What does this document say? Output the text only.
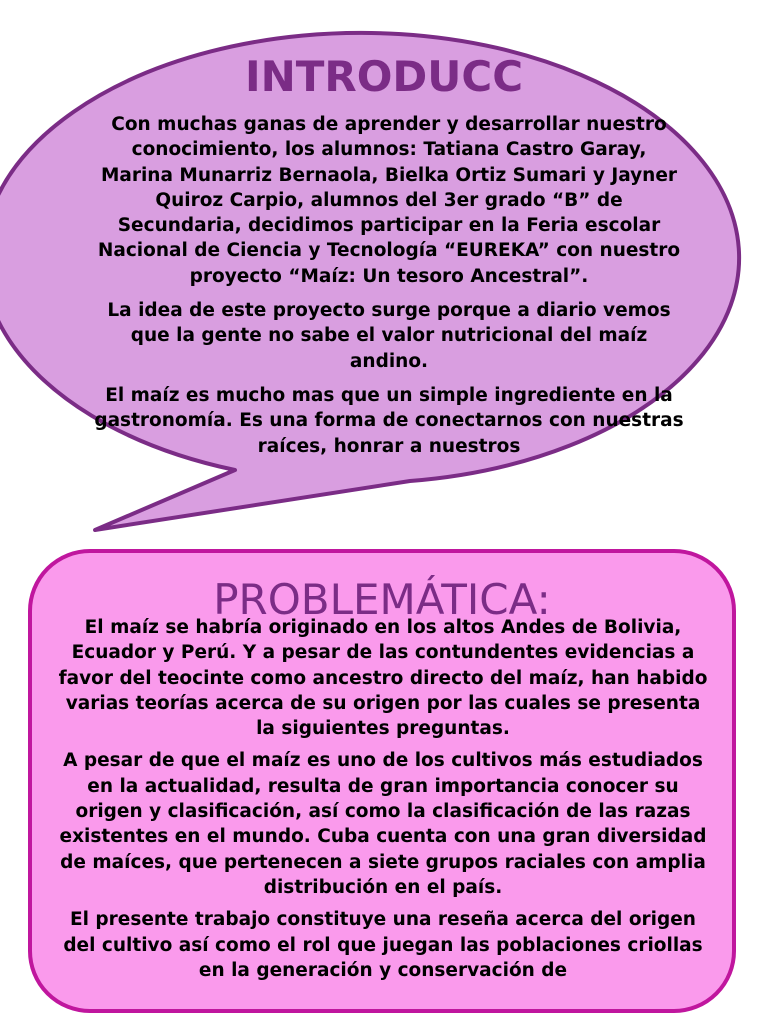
INTRODUCC

Con muchas ganas de aprender y desarrollar nuestro conocimiento, los alumnos: Tatiana Castro Garay, Marina Munarriz Bernaola, Bielka Ortiz Sumari y Jayner Quiroz Carpio, alumnos del 3er grado “B” de Secundaria, decidimos participar en la Feria escolar Nacional de Ciencia y Tecnología “EUREKA” con nuestro proyecto “Maíz: Un tesoro Ancestral”.

La idea de este proyecto surge porque a diario vemos que la gente no sabe el valor nutricional del maíz andino.

El maíz es mucho mas que un simple ingrediente en la gastronomía. Es una forma de conectarnos con nuestras raíces, honrar a nuestros

PROBLEMÁTICA:

El maíz se habría originado en los altos Andes de Bolivia, Ecuador y Perú. Y a pesar de las contundentes evidencias a favor del teocinte como ancestro directo del maíz, han habido varias teorías acerca de su origen por las cuales se presenta la siguientes preguntas.

A pesar de que el maíz es uno de los cultivos más estudiados en la actualidad, resulta de gran importancia conocer su origen y clasificación, así como la clasificación de las razas existentes en el mundo. Cuba cuenta con una gran diversidad de maíces, que pertenecen a siete grupos raciales con amplia distribución en el país.

El presente trabajo constituye una reseña acerca del origen del cultivo así como el rol que juegan las poblaciones criollas en la generación y conservación de
